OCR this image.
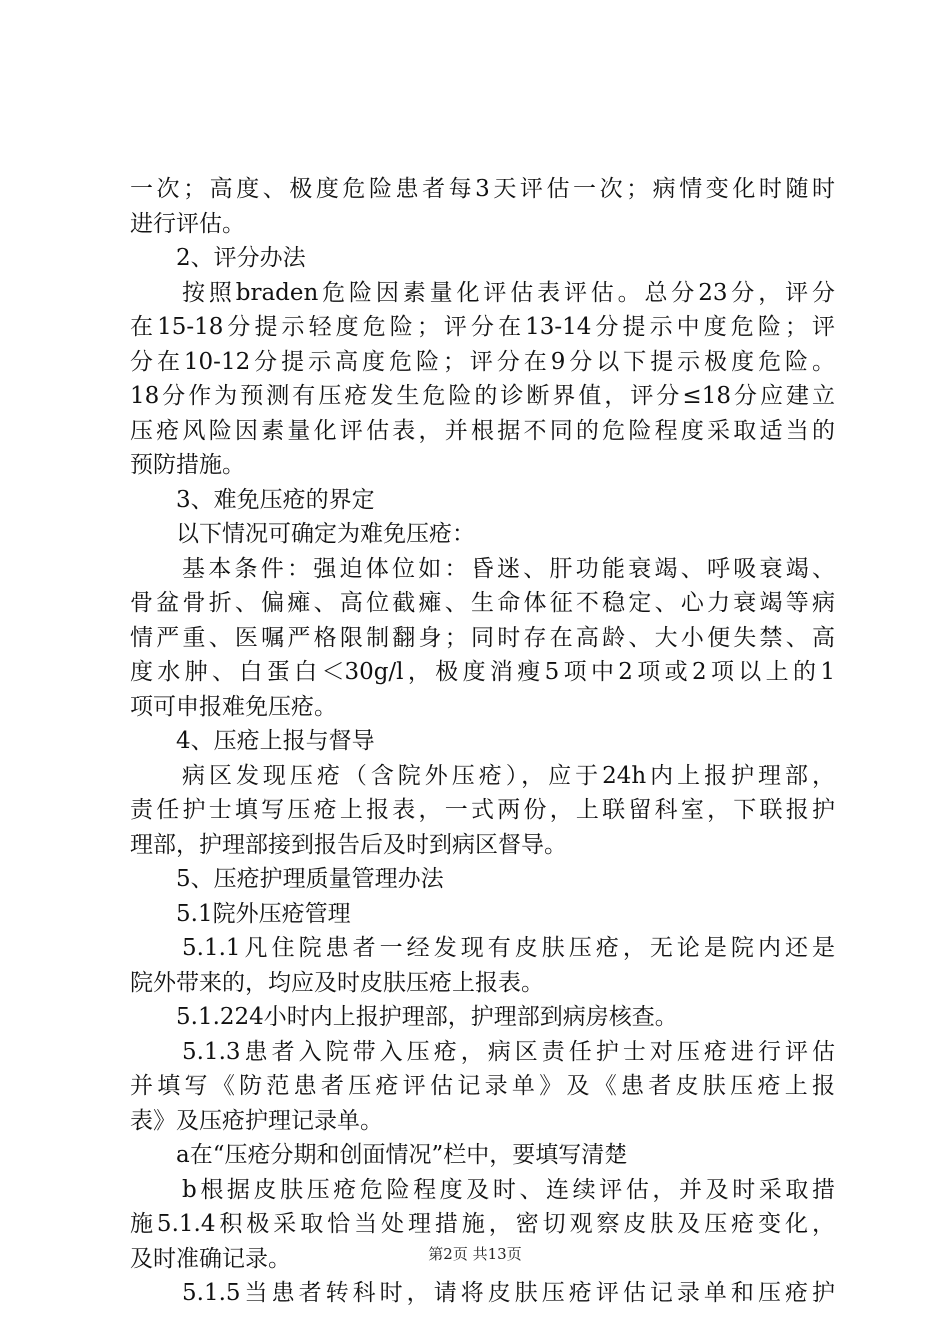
一次；高度、极度危险患者每3天评估一次；病情变化时随时
进行评估。
2、评分办法
按照braden危险因素量化评估表评估。总分23分，评分
在15-18分提示轻度危险；评分在13-14分提示中度危险；评
分在10-12分提示高度危险；评分在9分以下提示极度危险。
18分作为预测有压疮发生危险的诊断界值，评分≤18分应建立
压疮风险因素量化评估表，并根据不同的危险程度采取适当的
预防措施。
3、难免压疮的界定
以下情况可确定为难免压疮：
基本条件：强迫体位如：昏迷、肝功能衰竭、呼吸衰竭、
骨盆骨折、偏瘫、高位截瘫、生命体征不稳定、心力衰竭等病
情严重、医嘱严格限制翻身；同时存在高龄、大小便失禁、高
度水肿、白蛋白＜30g/l，极度消瘦5项中2项或2项以上的1
项可申报难免压疮。
4、压疮上报与督导
病区发现压疮（含院外压疮），应于24h内上报护理部，
责任护士填写压疮上报表，一式两份，上联留科室，下联报护
理部，护理部接到报告后及时到病区督导。
5、压疮护理质量管理办法
5.1院外压疮管理
5.1.1凡住院患者一经发现有皮肤压疮，无论是院内还是
院外带来的，均应及时皮肤压疮上报表。
5.1.224小时内上报护理部，护理部到病房核查。
5.1.3患者入院带入压疮，病区责任护士对压疮进行评估
并填写《防范患者压疮评估记录单》及《患者皮肤压疮上报
表》及压疮护理记录单。
a在“压疮分期和创面情况”栏中，要填写清楚
b根据皮肤压疮危险程度及时、连续评估，并及时采取措
施5.1.4积极采取恰当处理措施，密切观察皮肤及压疮变化，
及时准确记录。
5.1.5当患者转科时，请将皮肤压疮评估记录单和压疮护
第2页 共13页
